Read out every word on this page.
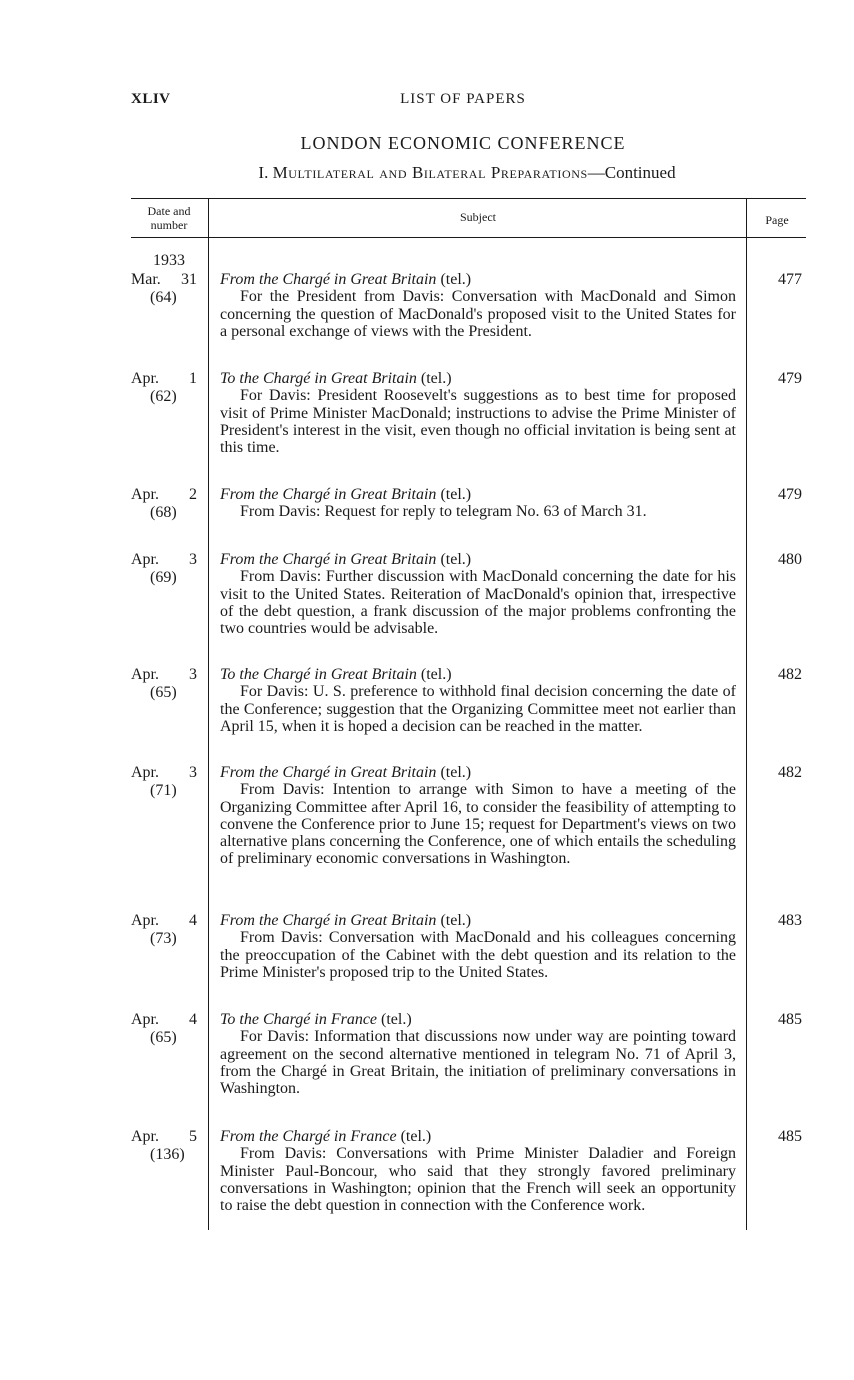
XLIV	LIST OF PAPERS
LONDON ECONOMIC CONFERENCE
I. Multilateral and Bilateral Preparations—Continued
Date and
number
Subject	Page
1933
Mar. 31
(64)
From the Chargé in Great Britain (tel.)
For the President from Davis: Conversation with MacDonald and Simon concerning the question of MacDonald's proposed visit to the United States for a personal exchange of views with the President.
477
Apr. 1
(62)
To the Chargé in Great Britain (tel.)
For Davis: President Roosevelt's suggestions as to best time for proposed visit of Prime Minister MacDonald; instructions to advise the Prime Minister of President's interest in the visit, even though no official invitation is being sent at this time.
479
Apr. 2
(68)
From the Chargé in Great Britain (tel.)
From Davis: Request for reply to telegram No. 63 of March 31.
479
Apr. 3
(69)
From the Chargé in Great Britain (tel.)
From Davis: Further discussion with MacDonald concerning the date for his visit to the United States. Reiteration of MacDonald's opinion that, irrespective of the debt question, a frank discussion of the major problems confronting the two countries would be advisable.
480
Apr. 3
(65)
To the Chargé in Great Britain (tel.)
For Davis: U. S. preference to withhold final decision concerning the date of the Conference; suggestion that the Organizing Committee meet not earlier than April 15, when it is hoped a decision can be reached in the matter.
482
Apr. 3
(71)
From the Chargé in Great Britain (tel.)
From Davis: Intention to arrange with Simon to have a meeting of the Organizing Committee after April 16, to consider the feasibility of attempting to convene the Conference prior to June 15; request for Department's views on two alternative plans concerning the Conference, one of which entails the scheduling of preliminary economic conversations in Washington.
482
Apr. 4
(73)
From the Chargé in Great Britain (tel.)
From Davis: Conversation with MacDonald and his colleagues concerning the preoccupation of the Cabinet with the debt question and its relation to the Prime Minister's proposed trip to the United States.
483
Apr. 4
(65)
To the Chargé in France (tel.)
For Davis: Information that discussions now under way are pointing toward agreement on the second alternative mentioned in telegram No. 71 of April 3, from the Chargé in Great Britain, the initiation of preliminary conversations in Washington.
485
Apr. 5
(136)
From the Chargé in France (tel.)
From Davis: Conversations with Prime Minister Daladier and Foreign Minister Paul-Boncour, who said that they strongly favored preliminary conversations in Washington; opinion that the French will seek an opportunity to raise the debt question in connection with the Conference work.
485
